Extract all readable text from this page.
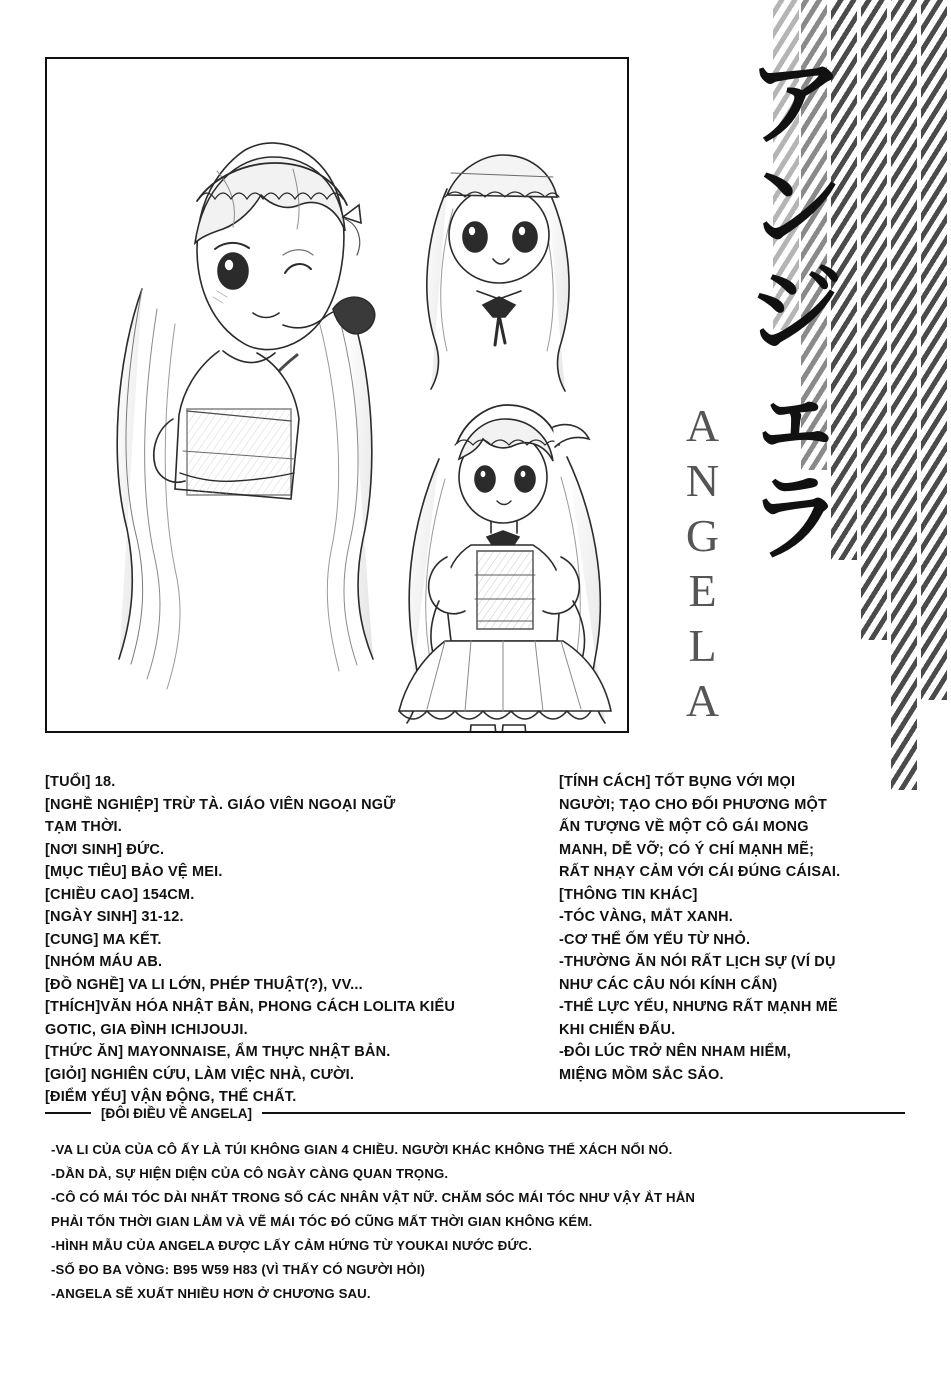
ア
ン
ジ
ェ
ラ
ANGELA

[TUỔI] 18.

[NGHỀ NGHIỆP] TRỪ TÀ. GIÁO VIÊN NGOẠI NGỮ

TẠM THỜI.

[NƠI SINH] ĐỨC.

[MỤC TIÊU] BẢO VỆ MEI.

[CHIỀU CAO] 154CM.

[NGÀY SINH] 31-12.

[CUNG] MA KẾT.

[NHÓM MÁU AB.

[ĐỒ NGHỀ] VA LI LỚN, PHÉP THUẬT(?), VV...

[THÍCH]VĂN HÓA NHẬT BẢN, PHONG CÁCH LOLITA KIỂU

GOTIC, GIA ĐÌNH ICHIJOUJI.

[THỨC ĂN] MAYONNAISE, ẨM THỰC NHẬT BẢN.

[GIỎI] NGHIÊN CỨU, LÀM VIỆC NHÀ, CƯỜI.

[ĐIỂM YẾU] VẬN ĐỘNG, THỂ CHẤT.

[TÍNH CÁCH] TỐT BỤNG VỚI MỌI

NGƯỜI; TẠO CHO ĐỐI PHƯƠNG MỘT

ẤN TƯỢNG VỀ MỘT CÔ GÁI MONG

MANH, DỄ VỠ; CÓ Ý CHÍ MẠNH MẼ;

RẤT NHẠY CẢM VỚI CÁI ĐÚNG CÁISAI.

[THÔNG TIN KHÁC]

-TÓC VÀNG, MẮT XANH.

-CƠ THỂ ỐM YẾU TỪ NHỎ.

-THƯỜNG ĂN NÓI RẤT LỊCH SỰ (VÍ DỤ

NHƯ CÁC CÂU NÓI KÍNH CẨN)

-THỂ LỰC YẾU, NHƯNG RẤT MẠNH MẼ

KHI CHIẾN ĐẤU.

-ĐÔI LÚC TRỞ NÊN NHAM HIỂM,

MIỆNG MỒM SẮC SẢO.

[ĐÔI ĐIỀU VỀ ANGELA]

-VA LI CỦA CỦA CÔ ẤY LÀ TÚI KHÔNG GIAN 4 CHIỀU. NGƯỜI KHÁC KHÔNG THỂ XÁCH NỔI NÓ.

-DẦN DÀ, SỰ HIỆN DIỆN CỦA CÔ NGÀY CÀNG QUAN TRỌNG.

-CÔ CÓ MÁI TÓC DÀI NHẤT TRONG SỐ CÁC NHÂN VẬT NỮ. CHĂM SÓC MÁI TÓC NHƯ VẬY ẮT HẲN

PHẢI TỐN THỜI GIAN LẮM VÀ VẼ MÁI TÓC ĐÓ CŨNG MẤT THỜI GIAN KHÔNG KÉM.

-HÌNH MẪU CỦA ANGELA ĐƯỢC LẤY CẢM HỨNG TỪ YOUKAI NƯỚC ĐỨC.

-SỐ ĐO BA VÒNG: B95 W59 H83 (VÌ THẤY CÓ NGƯỜI HỎI)

-ANGELA SẼ XUẤT NHIỀU HƠN Ở CHƯƠNG SAU.
